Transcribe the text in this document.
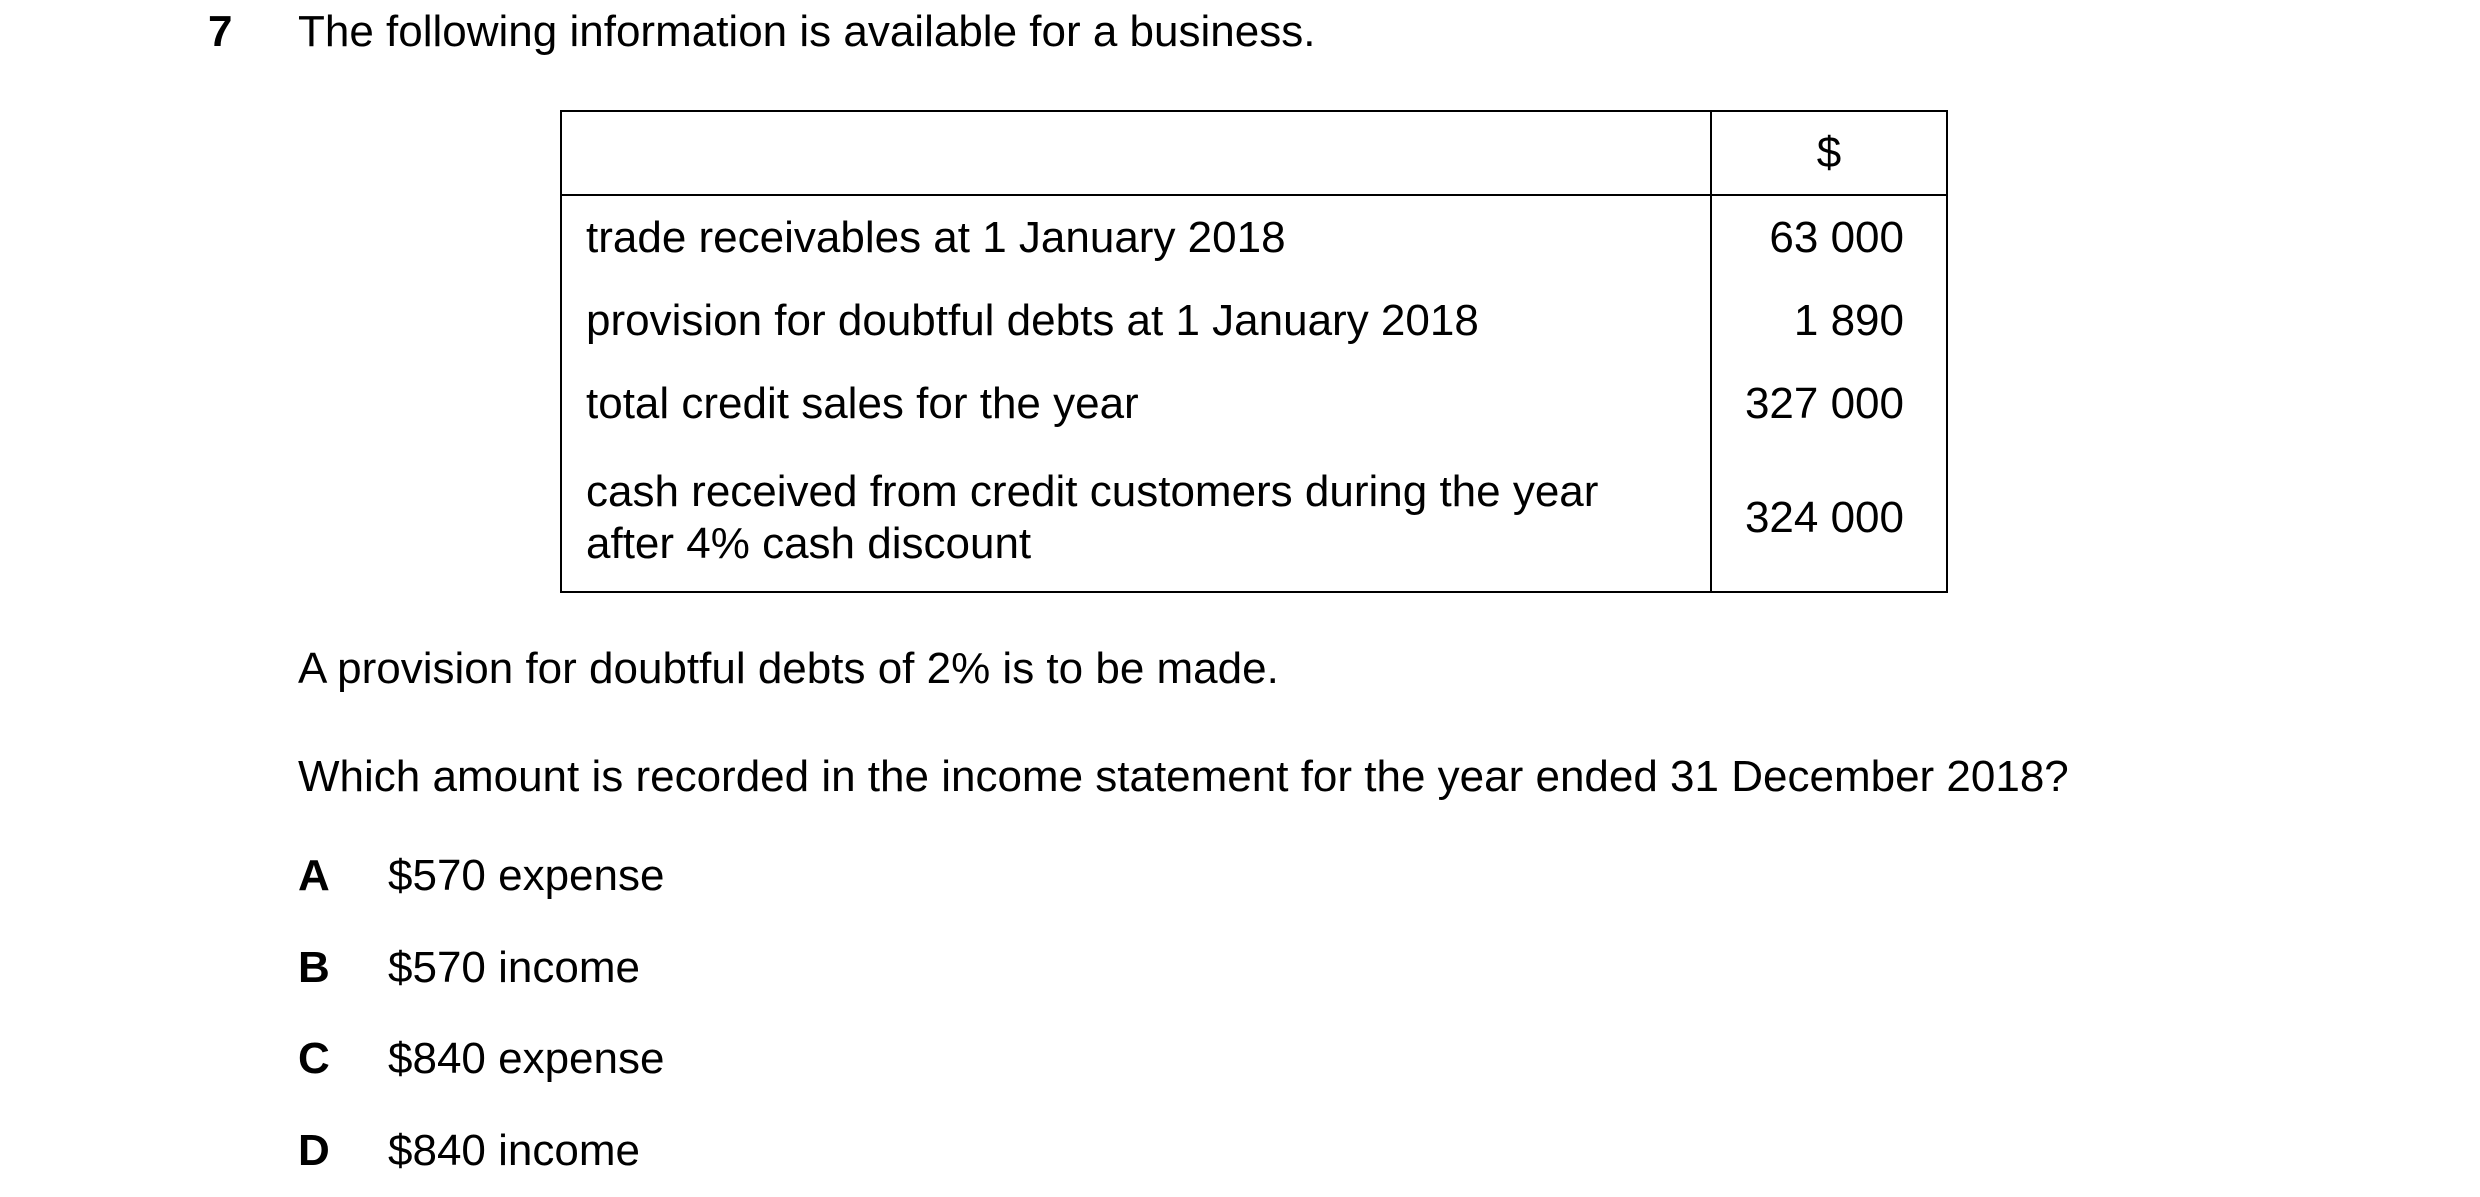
7 The following information is available for a business.
	$

trade receivables at 1 January 2018	63 000

provision for doubtful debts at 1 January 2018	1 890

total credit sales for the year	327 000

cash received from credit customers during the year
after 4% cash discount	324 000
A provision for doubtful debts of 2% is to be made.
Which amount is recorded in the income statement for the year ended 31 December 2018?
A $570 expense
B $570 income
C $840 expense
D $840 income
